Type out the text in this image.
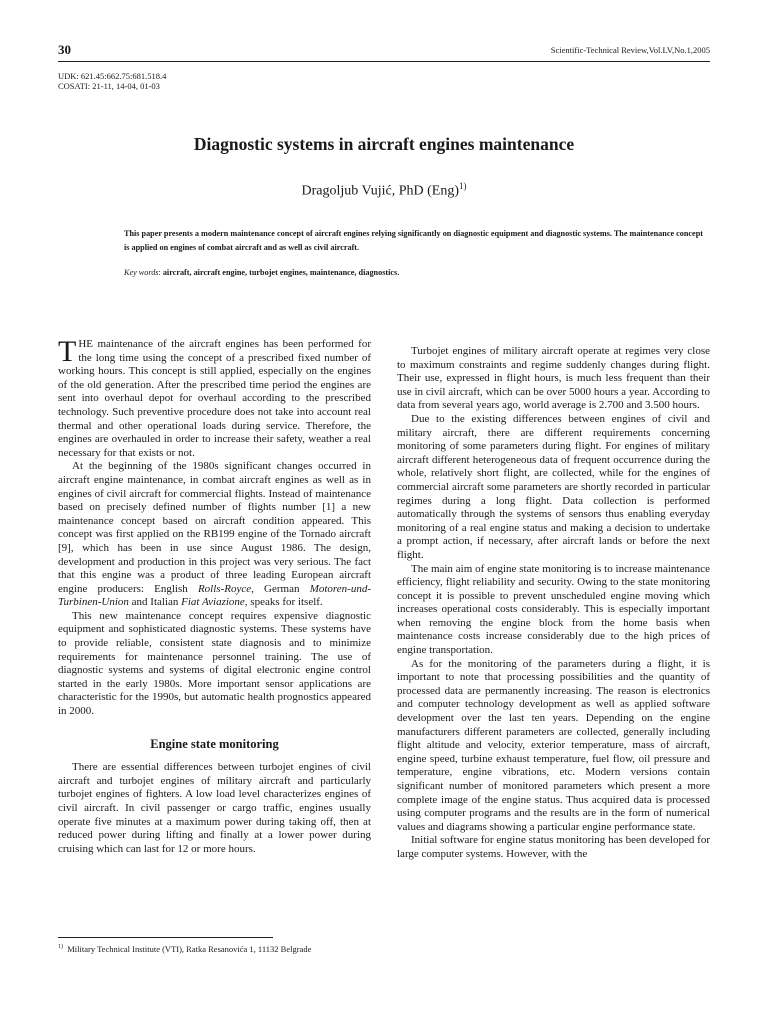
30	Scientific-Technical Review,Vol.LV,No.1,2005
UDK: 621.45:662.75:681.518.4
COSATI: 21-11, 14-04, 01-03
Diagnostic systems in aircraft engines maintenance
Dragoljub Vujić, PhD (Eng)$^{1)}$
This paper presents a modern maintenance concept of aircraft engines relying significantly on diagnostic equipment and diagnostic systems. The maintenance concept is applied on engines of combat aircraft and as well as civil aircraft.
Key words: aircraft, aircraft engine, turbojet engines, maintenance, diagnostics.

THE maintenance of the aircraft engines has been performed for the long time using the concept of a prescribed fixed number of working hours. This concept is still applied, especially on the engines of the old generation. After the prescribed time period the engines are sent into overhaul depot for overhaul according to the prescribed technology. Such preventive procedure does not take into account real thermal and other operational loads during service. Therefore, the engines are overhauled in order to increase their safety, weather a real necessary for that exists or not.

At the beginning of the 1980s significant changes occurred in aircraft engine maintenance, in combat aircraft engines as well as in engines of civil aircraft for commercial flights. Instead of maintenance based on precisely defined number of flights number [1] a new maintenance concept based on aircraft condition appeared. This concept was first applied on the RB199 engine of the Tornado aircraft [9], which has been in use since August 1986. The design, development and production in this project was very serious. The fact that this engine was a product of three leading European aircraft engine producers: English Rolls-Royce, German Motoren-und-Turbinen-Union and Italian Fiat Aviazione, speaks for itself.

This new maintenance concept requires expensive diagnostic equipment and sophisticated diagnostic systems. These systems have to provide reliable, consistent state diagnosis and to minimize requirements for maintenance personnel training. The use of diagnostic systems and systems of digital electronic engine control started in the early 1980s. More important sensor applications are characteristic for the 1990s, but automatic health prognostics appeared in 2000.

Engine state monitoring

There are essential differences between turbojet engines of civil aircraft and turbojet engines of military aircraft and particularly turbojet engines of fighters. A low load level characterizes engines of civil aircraft. In civil passenger or cargo traffic, engines usually operate five minutes at a maximum power during taking off, then at reduced power during lifting and finally at a lower power during cruising which can last for 12 or more hours.

Turbojet engines of military aircraft operate at regimes very close to maximum constraints and regime suddenly changes during flight. Their use, expressed in flight hours, is much less frequent than their use in civil aircraft, which can be over 5000 hours a year. According to data from several years ago, world average is 2.700 and 3.500 hours.

Due to the existing differences between engines of civil and military aircraft, there are different requirements concerning monitoring of some parameters during flight. For engines of military aircraft different heterogeneous data of frequent occurrence during the whole, relatively short flight, are collected, while for the engines of commercial aircraft some parameters are shortly recorded in particular regimes during a long flight. Data collection is performed automatically through the systems of sensors thus enabling everyday monitoring of a real engine status and making a decision to undertake a prompt action, if necessary, after aircraft lands or before the next flight.

The main aim of engine state monitoring is to increase maintenance efficiency, flight reliability and security. Owing to the state monitoring concept it is possible to prevent unscheduled engine moving which increases operational costs considerably. This is especially important when removing the engine block from the home basis when maintenance costs increase considerably due to the high prices of engine transportation.

As for the monitoring of the parameters during a flight, it is important to note that processing possibilities and the quantity of processed data are permanently increasing. The reason is electronics and computer technology development as well as applied software development over the last ten years. Depending on the engine manufacturers different parameters are collected, generally including flight altitude and velocity, exterior temperature, mass of aircraft, engine speed, turbine exhaust temperature, fuel flow, oil pressure and temperature, engine vibrations, etc. Modern versions contain significant number of monitored parameters which present a more complete image of the engine status. Thus acquired data is processed using computer programs and the results are in the form of numerical values and diagrams showing a particular engine performance state.

Initial software for engine status monitoring has been developed for large computer systems. However, with the

$^{1)}$ Military Technical Institute (VTI), Ratka Resanovića 1, 11132 Belgrade
